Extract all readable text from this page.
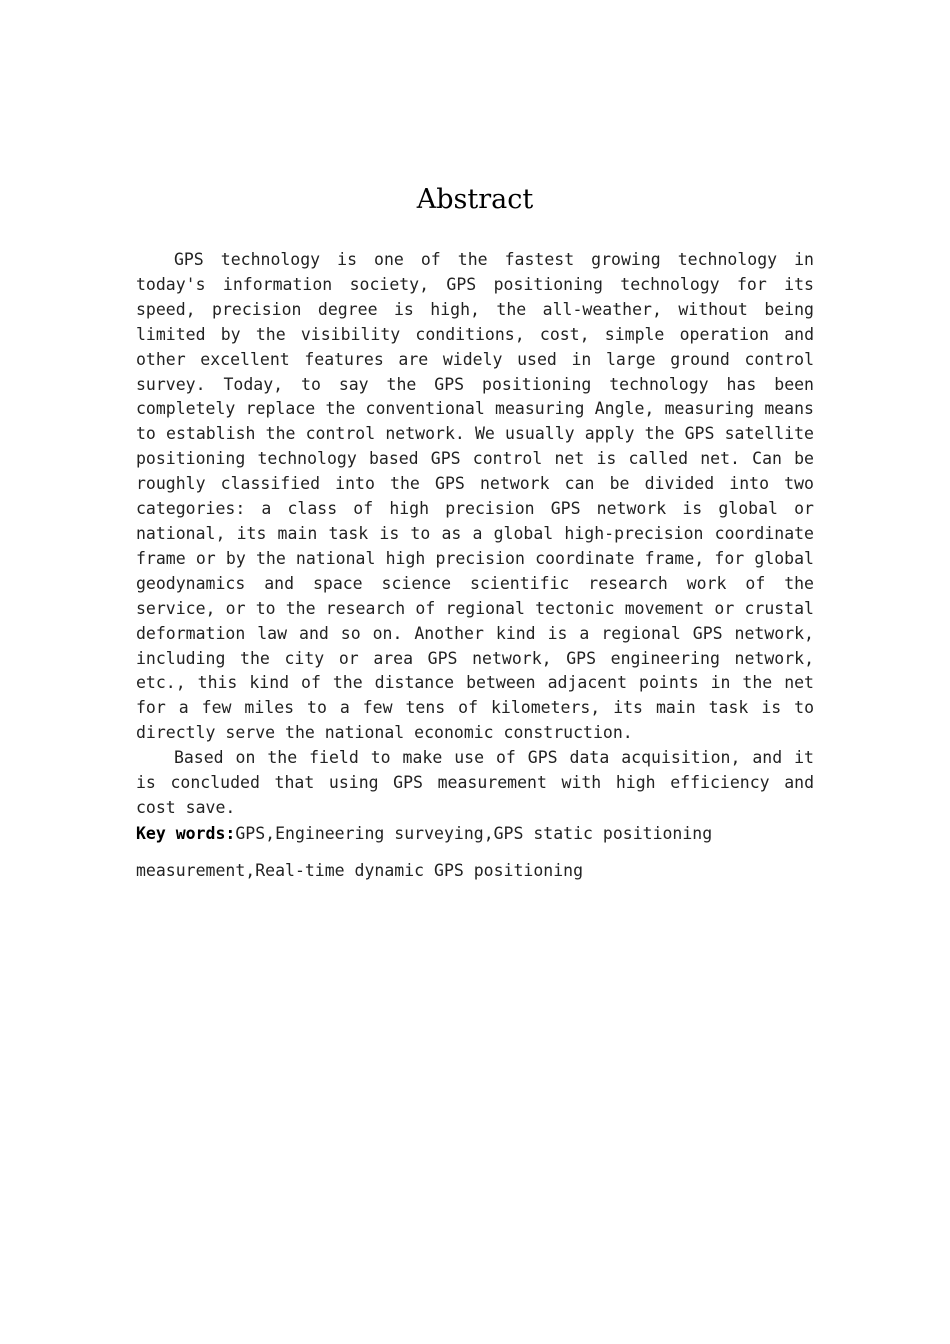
Abstract

GPS technology is one of the fastest growing technology in today's information society, GPS positioning technology for its speed, precision degree is high, the all-weather, without being limited by the visibility conditions, cost, simple operation and other excellent features are widely used in large ground control survey. Today, to say the GPS positioning technology has been completely replace the conventional measuring Angle, measuring means to establish the control network. We usually apply the GPS satellite positioning technology based GPS control net is called net. Can be roughly classified into the GPS network can be divided into two categories: a class of high precision GPS network is global or national, its main task is to as a global high-precision coordinate frame or by the national high precision coordinate frame, for global geodynamics and space science scientific research work of the service, or to the research of regional tectonic movement or crustal deformation law and so on. Another kind is a regional GPS network, including the city or area GPS network, GPS engineering network, etc., this kind of the distance between adjacent points in the net for a few miles to a few tens of kilometers, its main task is to directly serve the national economic construction.

Based on the field to make use of GPS data acquisition, and it is concluded that using GPS measurement with high efficiency and cost save.

Key words:GPS,Engineering surveying,GPS static positioning measurement,Real-time dynamic GPS positioning
